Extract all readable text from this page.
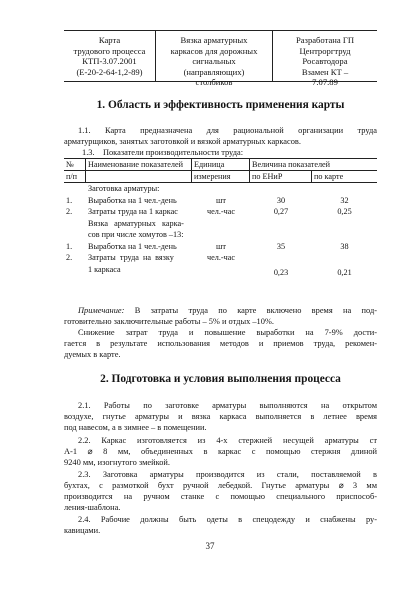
Карта
трудового процесса
КТП-3.07.2001
(Е-20-2-64-1,2-89)
Вязка арматурных
каркасов для дорожных
сигнальных
(направляющих)
столбиков
Разработана ГП
Центроргтруд
Росавтодора
Взамен КТ –
7.07.89
1. Область и эффективность применения карты
1.1. Карта предназначена для рациональной организации труда
арматурщиков, занятых заготовкой и вязкой арматурных каркасов.
1.3.    Показатели производительности труда:
№	Наименование показателей	Единица	Величина показателей
п/п	измерения	по ЕНиР	по карте
Заготовка арматуры:
1.	Выработка на 1 чел.-день	шт	30	32
2.	Затраты труда на 1 каркас	чел.-час	0,27	0,25
Вязка   арматурных   карка-
сов при числе хомутов –13:
1.	Выработка на 1 чел.-день	шт	35	38
2.	Затраты  труда  на  вязку	чел.-час
1 каркаса	0,23	0,21
Примечание: В затраты труда по карте включено время на под-
готовительно заключительные работы – 5% и отдых –10%.
Снижение затрат труда и повышение выработки на 7-9% дости-
гается в результате использования методов и приемов труда, рекомен-
дуемых в карте.
2. Подготовка и условия выполнения процесса
2.1. Работы по заготовке арматуры выполняются на открытом
воздухе, гнутье арматуры и вязка каркаса выполняется в летнее время
под навесом, а в зимнее – в помещении.
2.2. Каркас изготовляется из 4-х стержней несущей арматуры ст
А-1 ⌀ 8 мм, объединенных в каркас с помощью стержня длиной
9240 мм, изогнутого змейкой.
2.3. Заготовка арматуры производится из стали, поставляемой в
бухтах, с размоткой бухт ручной лебедкой. Гнутье арматуры ⌀ 3 мм
производится на ручном станке с помощью специального приспособ-
ления-шаблона.
2.4. Рабочие должны быть одеты в спецодежду и снабжены ру-
кавицами.
37
